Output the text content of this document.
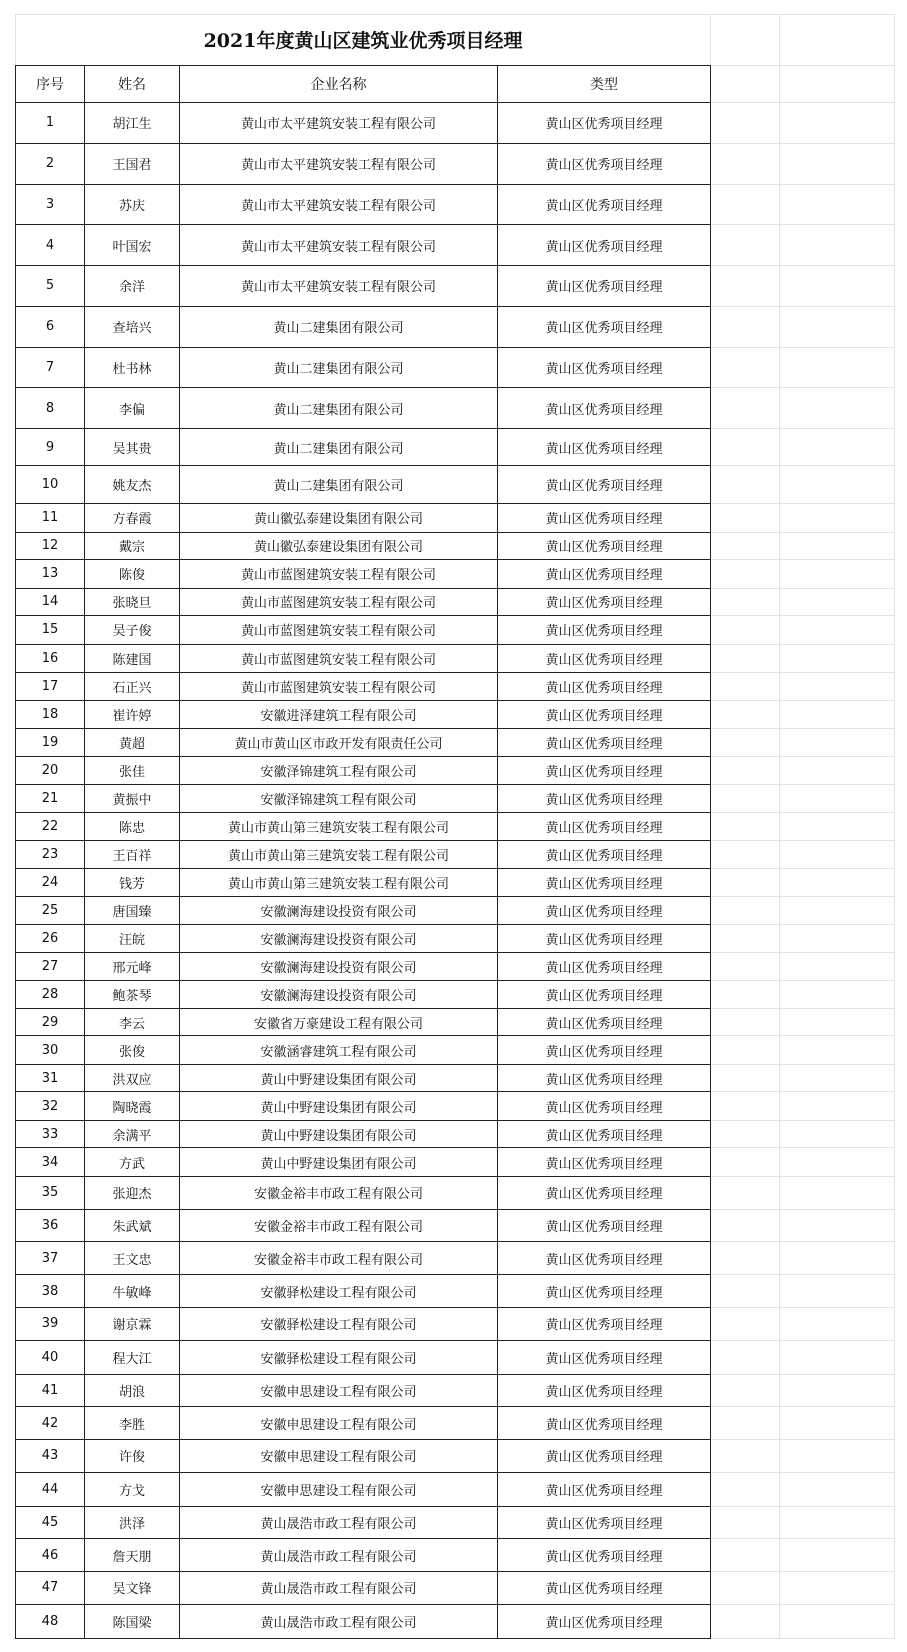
2021年度黄山区建筑业优秀项目经理					
序号	姓名	企业名称	类型		
1	胡江生	黄山市太平建筑安装工程有限公司	黄山区优秀项目经理		
2	王国君	黄山市太平建筑安装工程有限公司	黄山区优秀项目经理		
3	苏庆	黄山市太平建筑安装工程有限公司	黄山区优秀项目经理		
4	叶国宏	黄山市太平建筑安装工程有限公司	黄山区优秀项目经理		
5	余洋	黄山市太平建筑安装工程有限公司	黄山区优秀项目经理		
6	查培兴	黄山二建集团有限公司	黄山区优秀项目经理		
7	杜书林	黄山二建集团有限公司	黄山区优秀项目经理		
8	李偏	黄山二建集团有限公司	黄山区优秀项目经理		
9	吴其贵	黄山二建集团有限公司	黄山区优秀项目经理		
10	姚友杰	黄山二建集团有限公司	黄山区优秀项目经理		
11	方春霞	黄山徽弘泰建设集团有限公司	黄山区优秀项目经理		
12	戴宗	黄山徽弘泰建设集团有限公司	黄山区优秀项目经理		
13	陈俊	黄山市蓝图建筑安装工程有限公司	黄山区优秀项目经理		
14	张晓旦	黄山市蓝图建筑安装工程有限公司	黄山区优秀项目经理		
15	吴子俊	黄山市蓝图建筑安装工程有限公司	黄山区优秀项目经理		
16	陈建国	黄山市蓝图建筑安装工程有限公司	黄山区优秀项目经理		
17	石正兴	黄山市蓝图建筑安装工程有限公司	黄山区优秀项目经理		
18	崔许婷	安徽进泽建筑工程有限公司	黄山区优秀项目经理		
19	黄超	黄山市黄山区市政开发有限责任公司	黄山区优秀项目经理		
20	张佳	安徽泽锦建筑工程有限公司	黄山区优秀项目经理		
21	黄振中	安徽泽锦建筑工程有限公司	黄山区优秀项目经理		
22	陈忠	黄山市黄山第三建筑安装工程有限公司	黄山区优秀项目经理		
23	王百祥	黄山市黄山第三建筑安装工程有限公司	黄山区优秀项目经理		
24	钱芳	黄山市黄山第三建筑安装工程有限公司	黄山区优秀项目经理		
25	唐国臻	安徽澜海建设投资有限公司	黄山区优秀项目经理		
26	汪皖	安徽澜海建设投资有限公司	黄山区优秀项目经理		
27	邢元峰	安徽澜海建设投资有限公司	黄山区优秀项目经理		
28	鲍茶琴	安徽澜海建设投资有限公司	黄山区优秀项目经理		
29	李云	安徽省万豪建设工程有限公司	黄山区优秀项目经理		
30	张俊	安徽涵睿建筑工程有限公司	黄山区优秀项目经理		
31	洪双应	黄山中野建设集团有限公司	黄山区优秀项目经理		
32	陶晓霞	黄山中野建设集团有限公司	黄山区优秀项目经理		
33	余满平	黄山中野建设集团有限公司	黄山区优秀项目经理		
34	方武	黄山中野建设集团有限公司	黄山区优秀项目经理		
35	张迎杰	安徽金裕丰市政工程有限公司	黄山区优秀项目经理		
36	朱武斌	安徽金裕丰市政工程有限公司	黄山区优秀项目经理		
37	王文忠	安徽金裕丰市政工程有限公司	黄山区优秀项目经理		
38	牛敏峰	安徽驿松建设工程有限公司	黄山区优秀项目经理		
39	谢京霖	安徽驿松建设工程有限公司	黄山区优秀项目经理		
40	程大江	安徽驿松建设工程有限公司	黄山区优秀项目经理		
41	胡浪	安徽申思建设工程有限公司	黄山区优秀项目经理		
42	李胜	安徽申思建设工程有限公司	黄山区优秀项目经理		
43	许俊	安徽申思建设工程有限公司	黄山区优秀项目经理		
44	方戈	安徽申思建设工程有限公司	黄山区优秀项目经理		
45	洪泽	黄山晟浩市政工程有限公司	黄山区优秀项目经理		
46	詹天朋	黄山晟浩市政工程有限公司	黄山区优秀项目经理		
47	吴文锋	黄山晟浩市政工程有限公司	黄山区优秀项目经理		
48	陈国梁	黄山晟浩市政工程有限公司	黄山区优秀项目经理		
